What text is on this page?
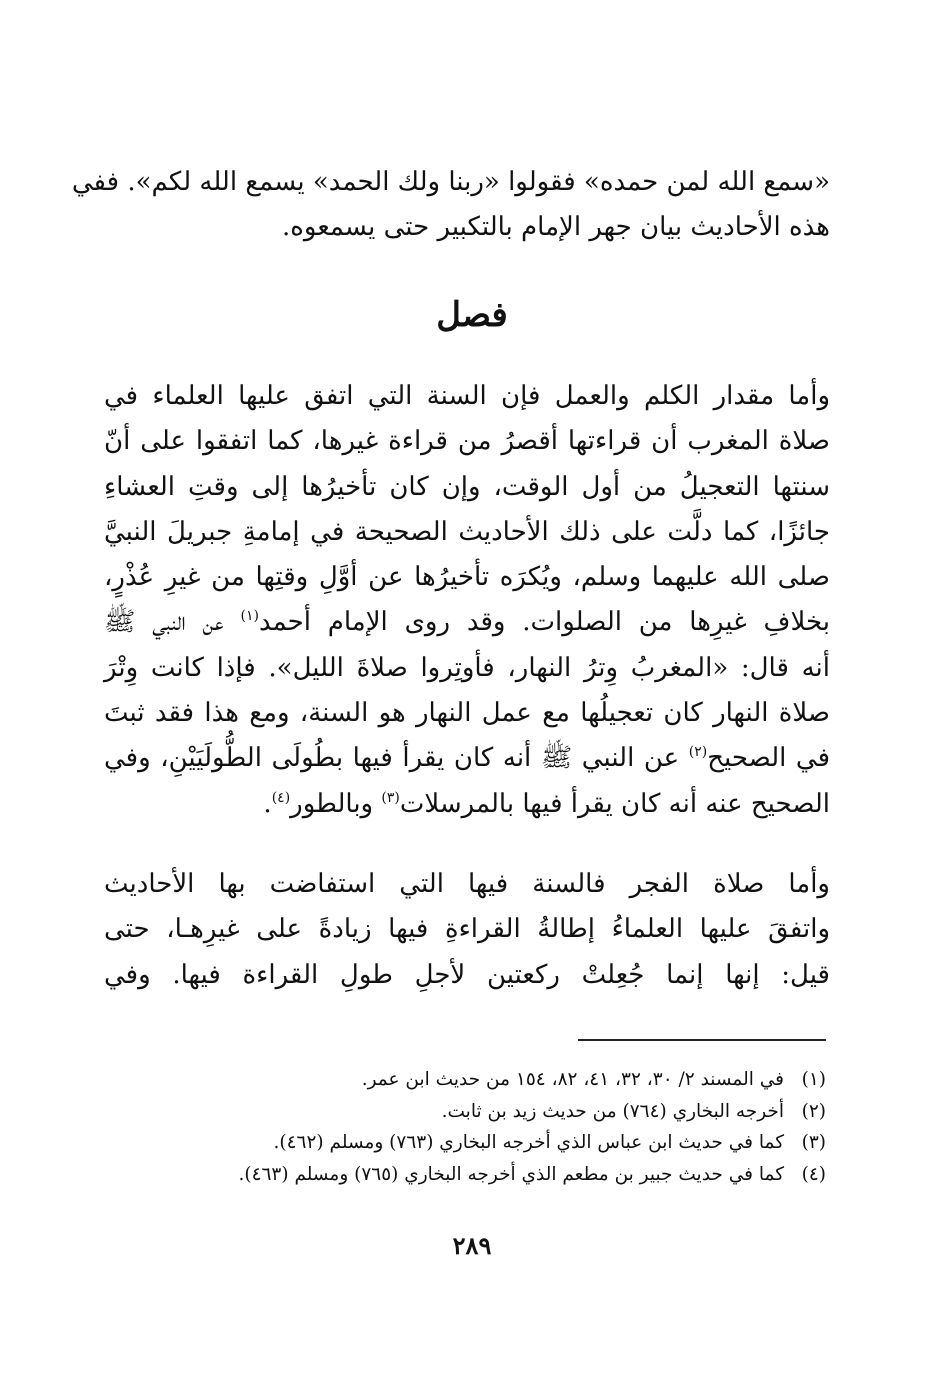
«سمع الله لمن حمده» فقولوا «ربنا ولك الحمد» يسمع الله لكم». ففي
هذه الأحاديث بيان جهر الإمام بالتكبير حتى يسمعوه.
فصل
وأما مقدار الكلم والعمل فإن السنة التي اتفق عليها العلماء في
صلاة المغرب أن قراءتها أقصرُ من قراءة غيرها، كما اتفقوا على أنّ
سنتها التعجيلُ من أول الوقت، وإن كان تأخيرُها إلى وقتِ العشاءِ
جائزًا، كما دلَّت على ذلك الأحاديث الصحيحة في إمامةِ جبريلَ النبيَّ
صلى الله عليهما وسلم، ويُكرَه تأخيرُها عن أوَّلِ وقتِها من غيرِ عُذْرٍ،
بخلافِ غيرِها من الصلوات. وقد روى الإمام أحمد$^{(١)}$ عن النبي ﷺ
أنه قال: «المغربُ وِترُ النهار، فأوتِروا صلاةَ الليل». فإذا كانت وِتْرَ
صلاة النهار كان تعجيلُها مع عمل النهار هو السنة، ومع هذا فقد ثبتَ
في الصحيح$^{(٢)}$ عن النبي ﷺ أنه كان يقرأ فيها بطُولَى الطُّولَيَيْنِ، وفي
الصحيح عنه أنه كان يقرأ فيها بالمرسلات$^{(٣)}$ وبالطور$^{(٤)}$.
وأما صلاة الفجر فالسنة فيها التي استفاضت بها الأحاديث
واتفقَ عليها العلماءُ إطالةُ القراءةِ فيها زيادةً على غيرِهـا، حتى
قيل: إنها إنما جُعِلتْ ركعتين لأجلِ طولِ القراءة فيها. وفي
(١)
في المسند ٢/ ٣٠، ٣٢، ٤١، ٨٢، ١٥٤ من حديث ابن عمر.
(٢)
أخرجه البخاري (٧٦٤) من حديث زيد بن ثابت.
(٣)
كما في حديث ابن عباس الذي أخرجه البخاري (٧٦٣) ومسلم (٤٦٢).
(٤)
كما في حديث جبير بن مطعم الذي أخرجه البخاري (٧٦٥) ومسلم (٤٦٣).
٢٨٩
